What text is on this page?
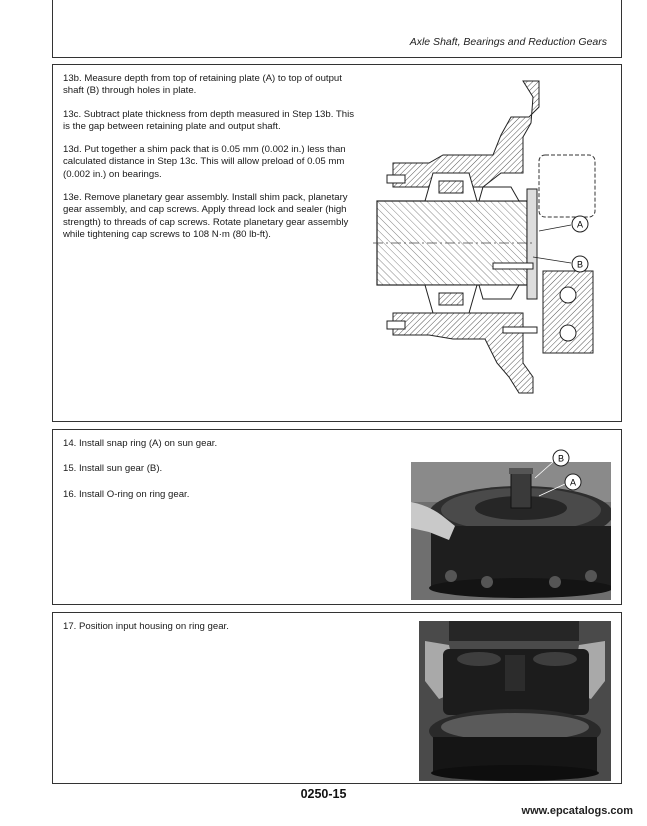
Axle Shaft, Bearings and Reduction Gears

13b. Measure depth from top of retaining plate (A) to top of output shaft (B) through holes in plate.

13c. Subtract plate thickness from depth measured in Step 13b. This is the gap between retaining plate and output shaft.

13d. Put together a shim pack that is 0.05 mm (0.002 in.) less than calculated distance in Step 13c. This will allow preload of 0.05 mm (0.002 in.) on bearings.

13e. Remove planetary gear assembly. Install shim pack, planetary gear assembly, and cap screws. Apply thread lock and sealer (high strength) to threads of cap screws. Rotate planetary gear assembly while tightening cap screws to 108 N·m (80 lb-ft).

A
B

14. Install snap ring (A) on sun gear.

15. Install sun gear (B).

16. Install O-ring on ring gear.

B
A

17. Position input housing on ring gear.

0250-15
www.epcatalogs.com
